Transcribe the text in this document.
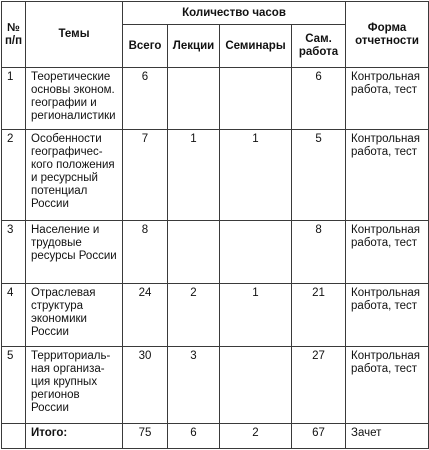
№ п/п	Темы	Количество часов				Форма отчетности
		Всего	Лекции	Семинары	Сам. работа	
1	Теоретические основы эконом. географии и регионалистики	6			6	Контрольная работа, тест
2	Особенности географичес- кого положения и ресурсный потенциал России	7	1	1	5	Контрольная работа, тест
3	Население и трудовые ресурсы России	8			8	Контрольная работа, тест
4	Отраслевая структура экономики России	24	2	1	21	Контрольная работа, тест
5	Территориаль- ная организа- ция крупных регионов России	30	3		27	Контрольная работа, тест
	Итого:	75	6	2	67	Зачет
